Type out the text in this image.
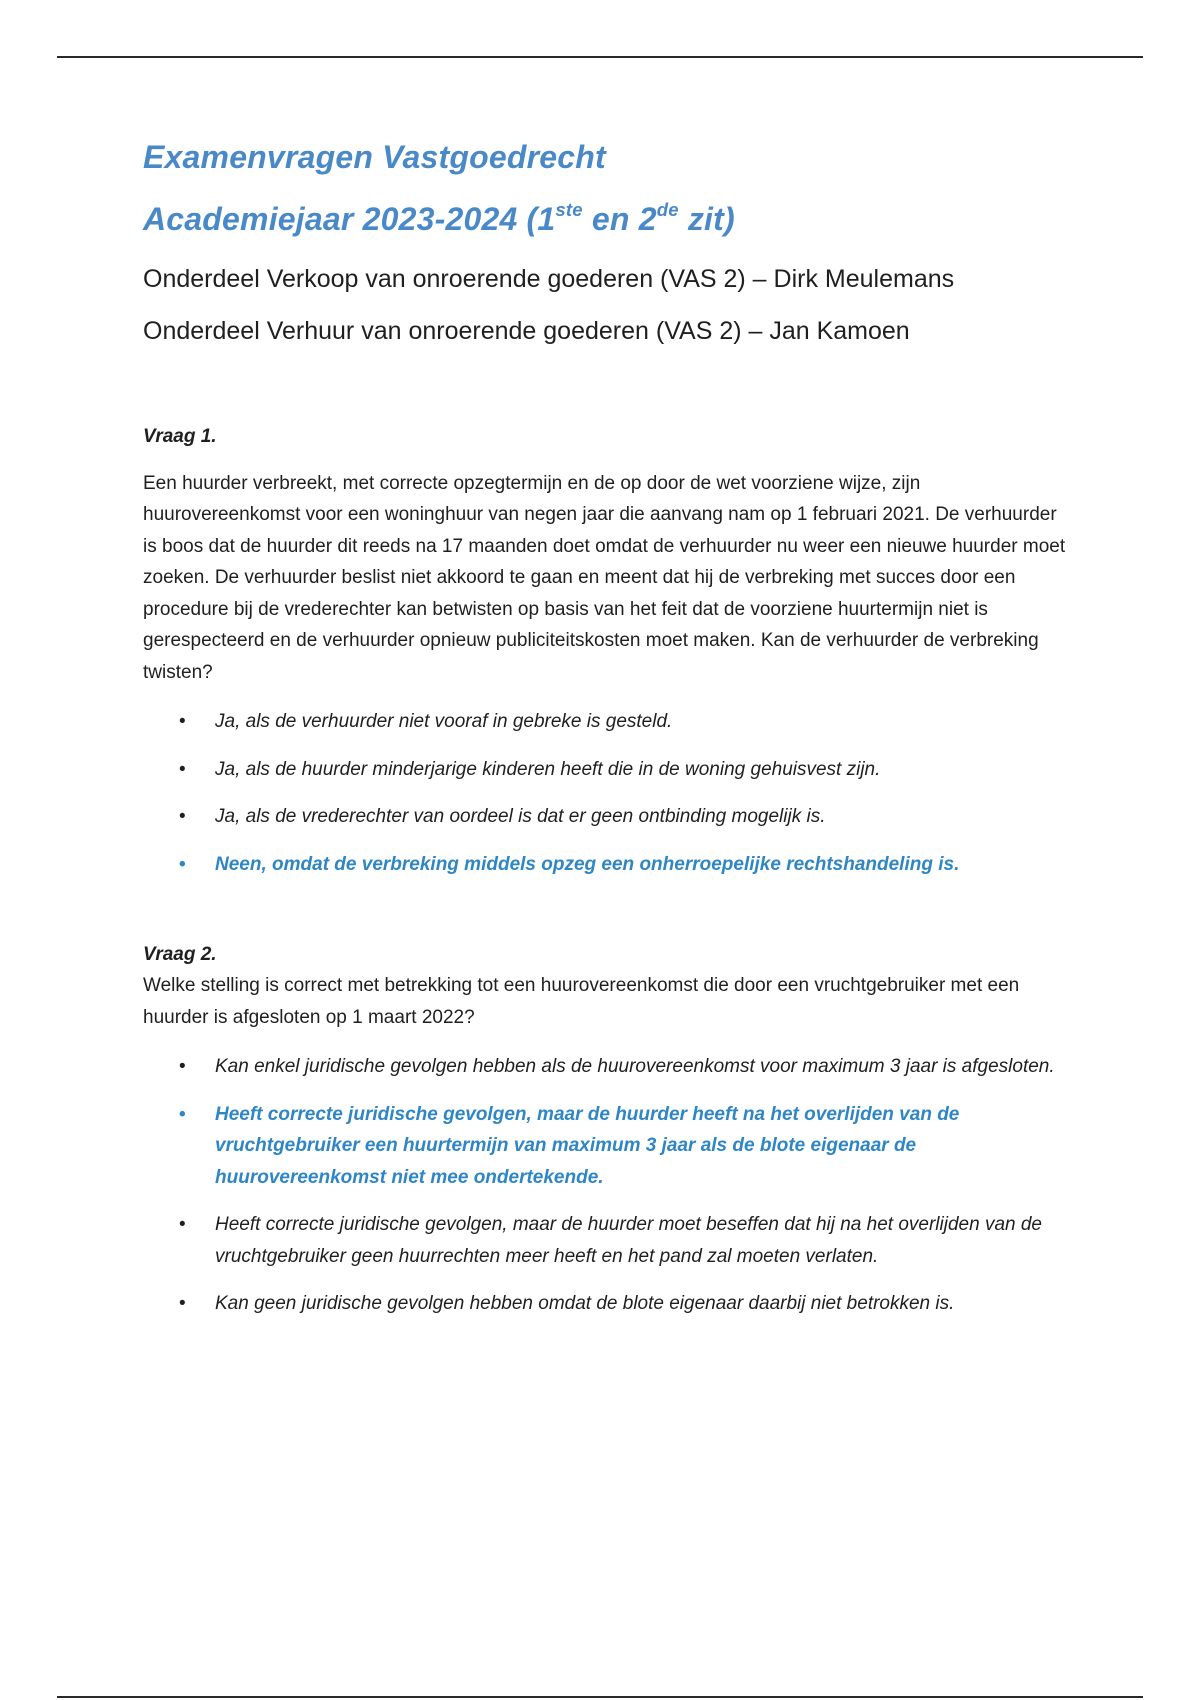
Examenvragen Vastgoedrecht
Academiejaar 2023-2024 (1ste en 2de zit)

Onderdeel Verkoop van onroerende goederen (VAS 2) – Dirk Meulemans

Onderdeel Verhuur van onroerende goederen (VAS 2) – Jan Kamoen

Vraag 1.

Een huurder verbreekt, met correcte opzegtermijn en de op door de wet voorziene wijze, zijn huurovereenkomst voor een woninghuur van negen jaar die aanvang nam op 1 februari 2021. De verhuurder is boos dat de huurder dit reeds na 17 maanden doet omdat de verhuurder nu weer een nieuwe huurder moet zoeken. De verhuurder beslist niet akkoord te gaan en meent dat hij de verbreking met succes door een procedure bij de vrederechter kan betwisten op basis van het feit dat de voorziene huurtermijn niet is gerespecteerd en de verhuurder opnieuw publiciteitskosten moet maken. Kan de verhuurder de verbreking twisten?

• Ja, als de verhuurder niet vooraf in gebreke is gesteld.
• Ja, als de huurder minderjarige kinderen heeft die in de woning gehuisvest zijn.
• Ja, als de vrederechter van oordeel is dat er geen ontbinding mogelijk is.
• Neen, omdat de verbreking middels opzeg een onherroepelijke rechtshandeling is.

Vraag 2.

Welke stelling is correct met betrekking tot een huurovereenkomst die door een vruchtgebruiker met een huurder is afgesloten op 1 maart 2022?

• Kan enkel juridische gevolgen hebben als de huurovereenkomst voor maximum 3 jaar is afgesloten.
• Heeft correcte juridische gevolgen, maar de huurder heeft na het overlijden van de vruchtgebruiker een huurtermijn van maximum 3 jaar als de blote eigenaar de huurovereenkomst niet mee ondertekende.
• Heeft correcte juridische gevolgen, maar de huurder moet beseffen dat hij na het overlijden van de vruchtgebruiker geen huurrechten meer heeft en het pand zal moeten verlaten.
• Kan geen juridische gevolgen hebben omdat de blote eigenaar daarbij niet betrokken is.
